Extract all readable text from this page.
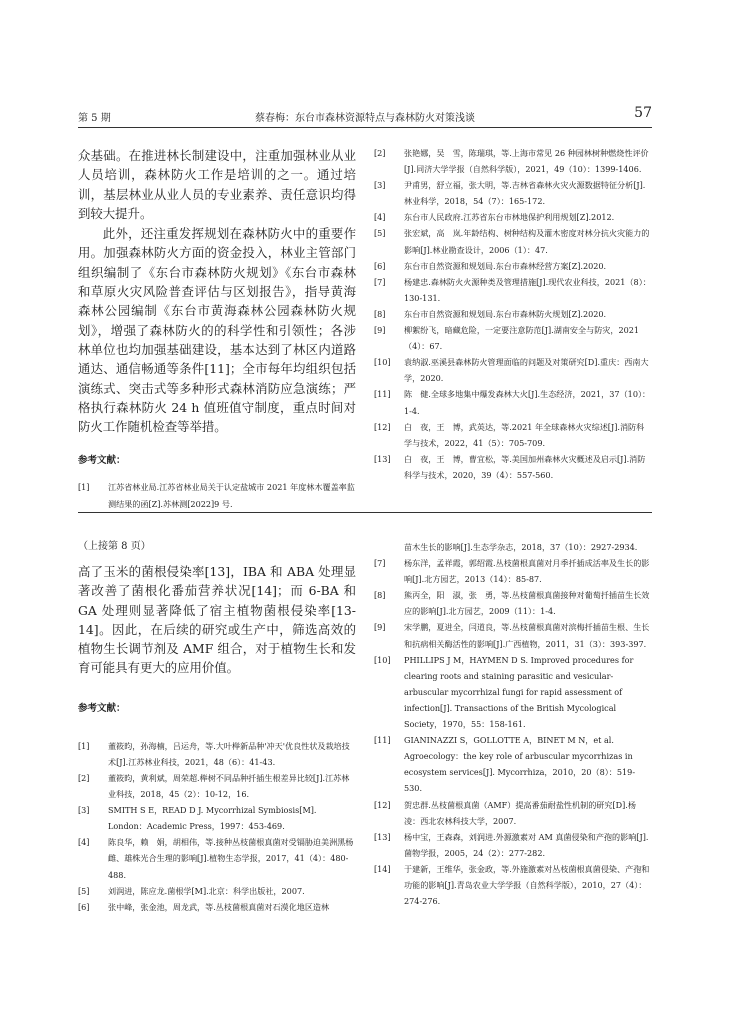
第 5 期	蔡春梅：东台市森林资源特点与森林防火对策浅谈	57

众基础。在推进林长制建设中，注重加强林业从业人员培训，森林防火工作是培训的之一。通过培训，基层林业从业人员的专业素养、责任意识均得到较大提升。

此外，还注重发挥规划在森林防火中的重要作用。加强森林防火方面的资金投入，林业主管部门组织编制了《东台市森林防火规划》《东台市森林和草原火灾风险普查评估与区划报告》，指导黄海森林公园编制《东台市黄海森林公园森林防火规划》，增强了森林防火的的科学性和引领性；各涉林单位也均加强基础建设，基本达到了林区内道路通达、通信畅通等条件[11]；全市每年均组织包括演练式、突击式等多种形式森林消防应急演练；严格执行森林防火 24 h 值班值守制度，重点时间对防火工作随机检查等举措。

参考文献：

[1] 江苏省林业局.江苏省林业局关于认定盐城市 2021 年度林木覆盖率监测结果的函[Z].苏林测[2022]9 号.

[2] 张艳娜，吴　雪，陈瑞琪，等.上海市常见 26 种园林树种燃烧性评价[J].同济大学学报（自然科学版），2021，49（10）：1399-1406.

[3] 尹甫男，舒立福，张大明，等.吉林省森林火灾火源数据特征分析[J].林业科学，2018，54（7）：165-172.

[4] 东台市人民政府.江苏省东台市林地保护利用规划[Z].2012.

[5] 张宏斌，高　岚.年龄结构、树种结构及灌木密度对林分抗火灾能力的影响[J].林业勘查设计，2006（1）：47.

[6] 东台市自然资源和规划局.东台市森林经营方案[Z].2020.

[7] 杨建忠.森林防火火源种类及管理措施[J].现代农业科技，2021（8）：130-131.

[8] 东台市自然资源和规划局.东台市森林防火规划[Z].2020.

[9] 柳絮纷飞，暗藏危险，一定要注意防范[J].湖南安全与防灾，2021（4）：67.

[10] 袁纳淑.巫溪县森林防火管理面临的问题及对策研究[D].重庆：西南大学，2020.

[11] 陈　健.全球多地集中爆发森林大火[J].生态经济，2021，37（10）：1-4.

[12] 白　夜，王　博，武英达，等.2021 年全球森林火灾综述[J].消防科学与技术，2022，41（5）：705-709.

[13] 白　夜，王　博，曹宜松，等.美国加州森林火灾概述及启示[J].消防科学与技术，2020，39（4）：557-560.

（上接第 8 页）

高了玉米的菌根侵染率[13]，IBA 和 ABA 处理显著改善了菌根化番茄营养状况[14]；而 6-BA 和 GA 处理则显著降低了宿主植物菌根侵染率[13-14]。因此，在后续的研究或生产中，筛选高效的植物生长调节剂及 AMF 组合，对于植物生长和发育可能具有更大的应用价值。

参考文献：

[1] 董筱昀，孙海楠，吕运舟，等.大叶榉新品种'冲天'优良性状及栽培技术[J].江苏林业科技，2021，48（6）：41-43.

[2] 董筱昀，黄利斌，周荣超.榉树不同品种扦插生根差异比较[J].江苏林业科技，2018，45（2）：10-12，16.

[3] SMITH S E，READ D J. Mycorrhizal Symbiosis[M]. London：Academic Press，1997：453-469.

[4] 陈良华，赖　娟，胡相伟，等.接种丛枝菌根真菌对受镉胁迫美洲黑杨雌、雄株光合生理的影响[J].植物生态学报，2017，41（4）：480-488.

[5] 刘润进，陈应龙.菌根学[M].北京：科学出版社，2007.

[6] 张中峰，张金池，周龙武，等.丛枝菌根真菌对石漠化地区造林

苗木生长的影响[J].生态学杂志，2018，37（10）：2927-2934.

[7] 杨东洋，孟祥霞，郭绍霞.丛枝菌根真菌对月季扦插成活率及生长的影响[J].北方园艺，2013（14）：85-87.

[8] 熊丙全，阳　淑，张　勇，等.丛枝菌根真菌接种对葡萄扦插苗生长效应的影响[J].北方园艺，2009（11）：1-4.

[9] 宋学鹏，夏进全，闫道良，等.丛枝菌根真菌对滨梅扦插苗生根、生长和抗病相关酶活性的影响[J].广西植物，2011，31（3）：393-397.

[10] PHILLIPS J M，HAYMEN D S. Improved procedures for clearing roots and staining parasitic and vesicular-arbuscular mycorrhizal fungi for rapid assessment of infection[J]. Transactions of the British Mycological Society，1970，55：158-161.

[11] GIANINAZZI S，GOLLOTTE A，BINET M N，et al. Agroecology：the key role of arbuscular mycorrhizas in ecosystem services[J]. Mycorrhiza，2010，20（8）：519-530.

[12] 贺忠群.丛枝菌根真菌（AMF）提高番茄耐盐性机制的研究[D].杨凌：西北农林科技大学，2007.

[13] 杨中宝，王森森，刘润进.外源激素对 AM 真菌侵染和产孢的影响[J].菌物学报，2005，24（2）：277-282.

[14] 于建新，王维华，张金政，等.外施激素对丛枝菌根真菌侵染、产孢和功能的影响[J].青岛农业大学学报（自然科学版），2010，27（4）：274-276.
